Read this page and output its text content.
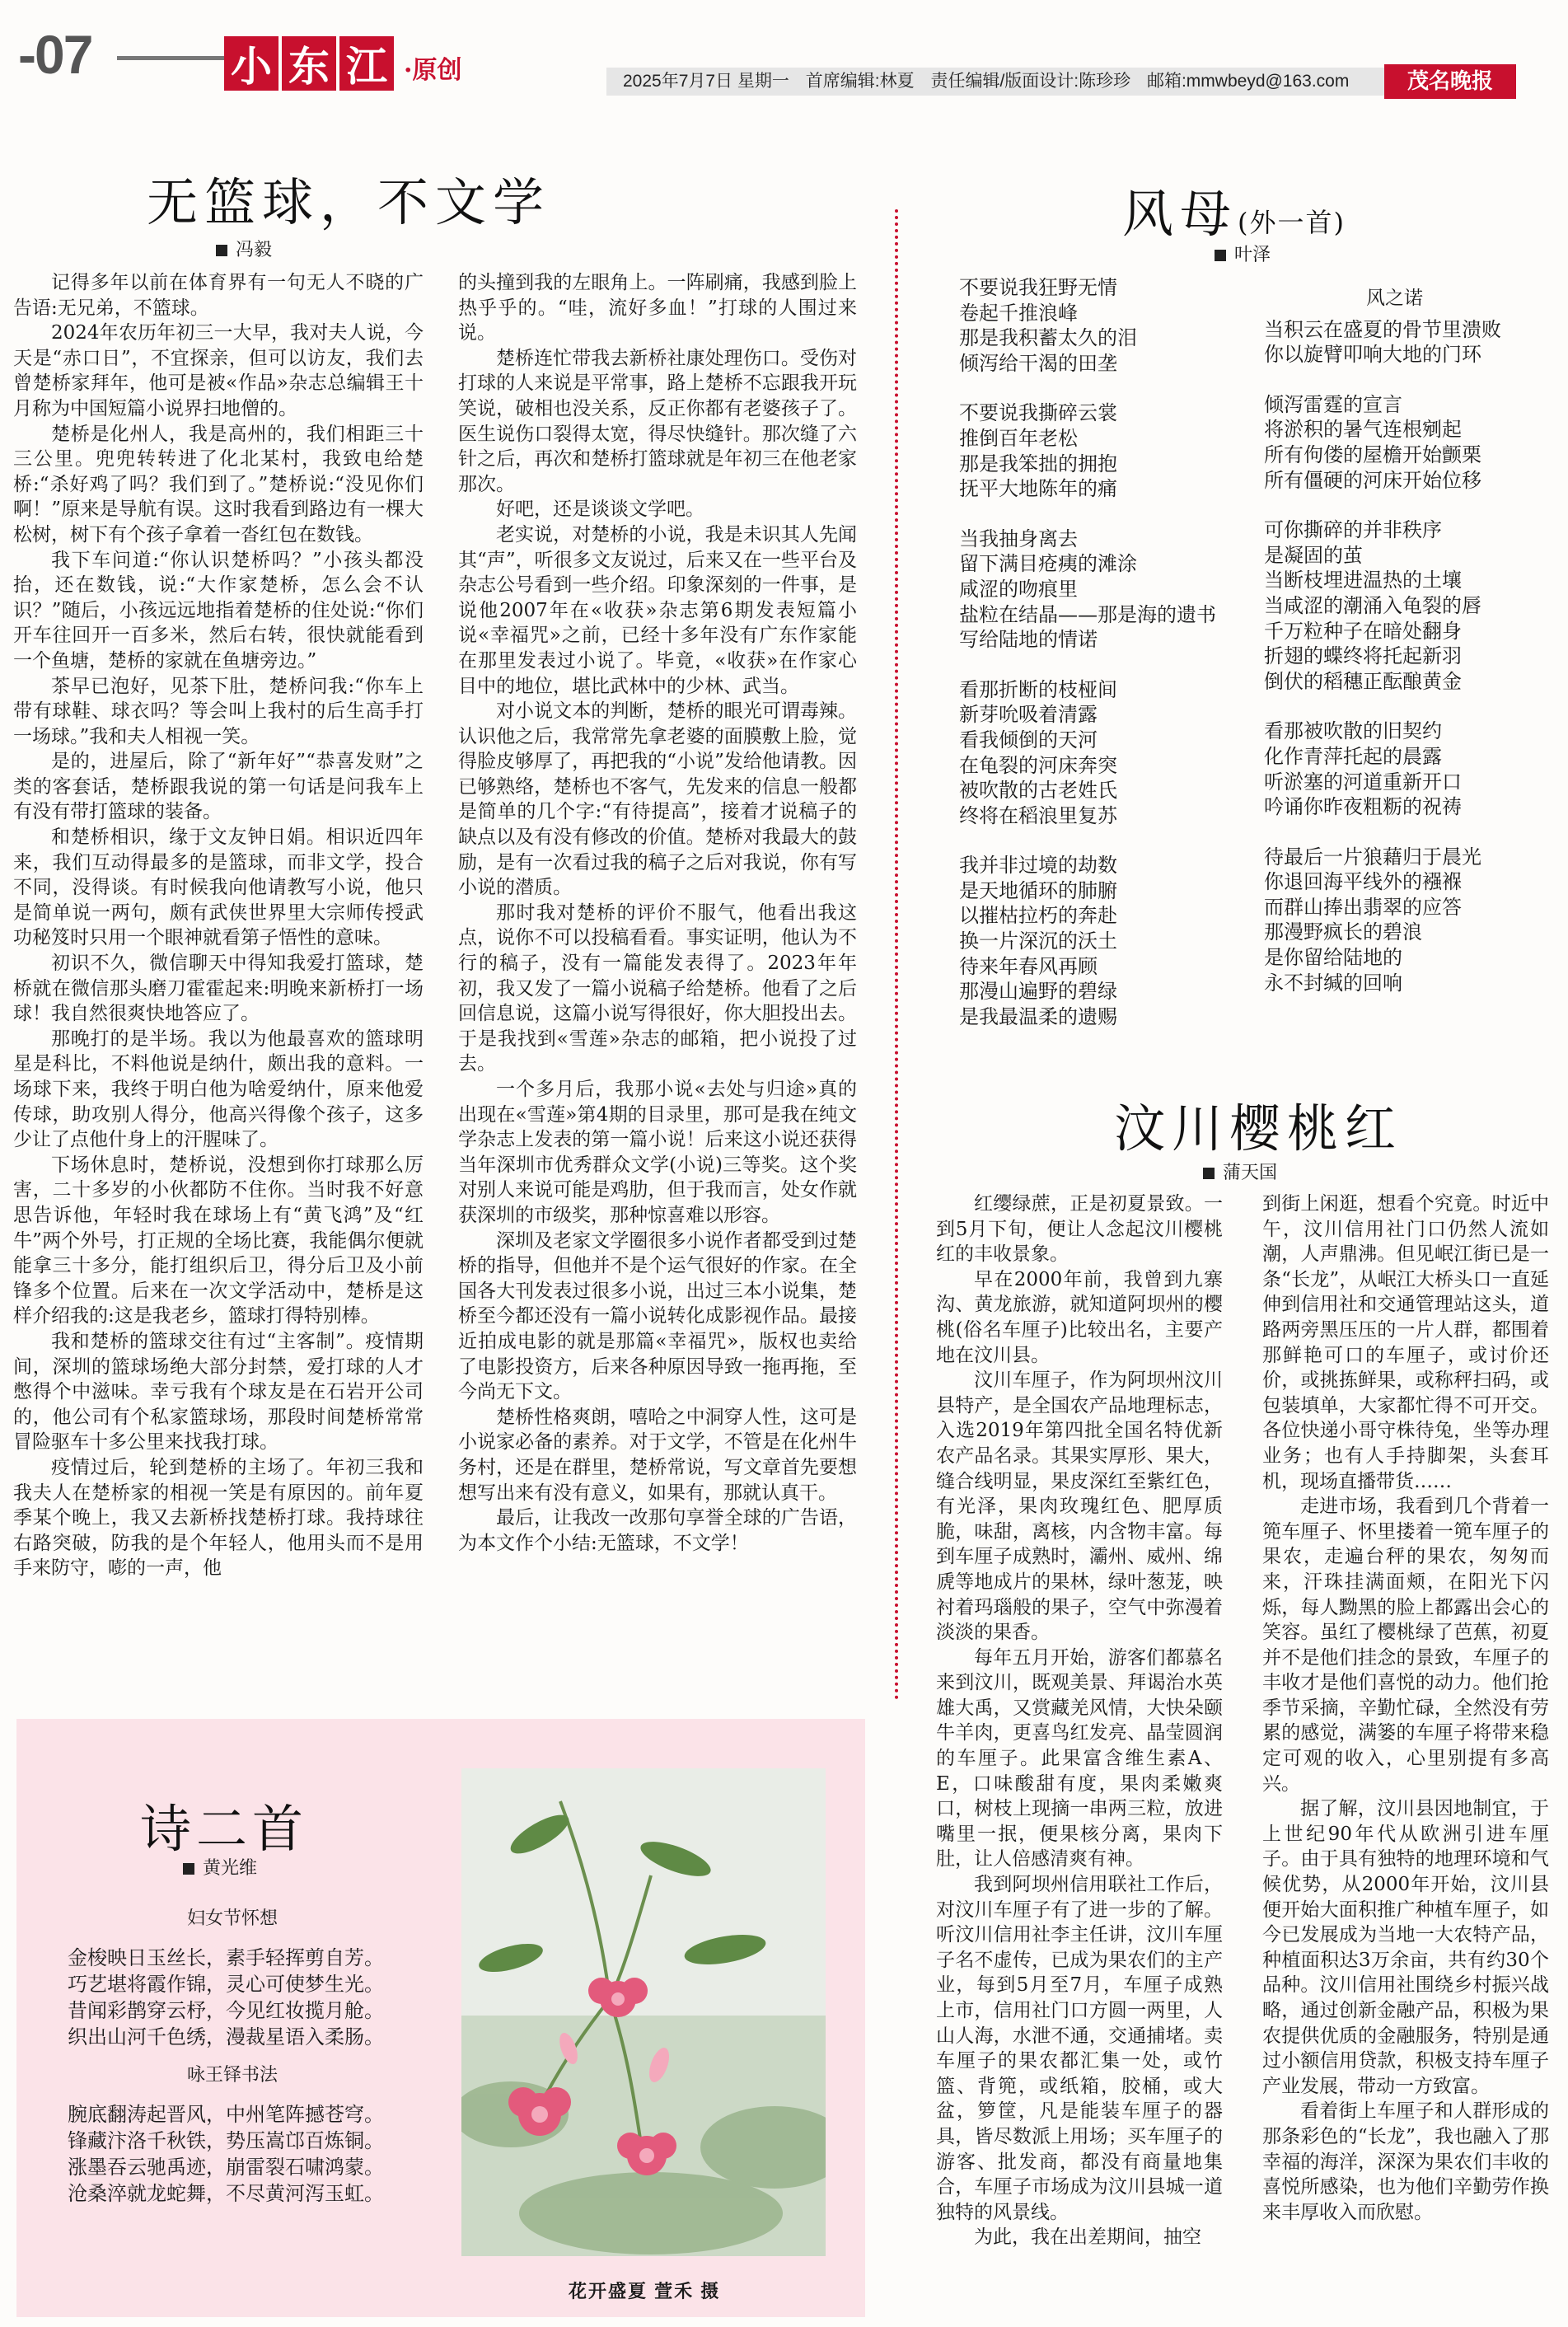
-07	小 东 江 ·原创	2025年7月7日 星期一 首席编辑:林夏 责任编辑/版面设计:陈珍珍 邮箱:mmwbeyd@163.com	茂名晚报
无篮球，不文学
冯毅

记得多年以前在体育界有一句无人不晓的广告语:无兄弟，不篮球。

2024年农历年初三一大早，我对夫人说，今天是“赤口日”，不宜探亲，但可以访友，我们去曾楚桥家拜年，他可是被«作品»杂志总编辑王十月称为中国短篇小说界扫地僧的。

楚桥是化州人，我是高州的，我们相距三十三公里。兜兜转转进了化北某村，我致电给楚桥:“杀好鸡了吗？我们到了。”楚桥说:“没见你们啊！”原来是导航有误。这时我看到路边有一棵大松树，树下有个孩子拿着一沓红包在数钱。

我下车问道:“你认识楚桥吗？”小孩头都没抬，还在数钱，说:“大作家楚桥，怎么会不认识？”随后，小孩远远地指着楚桥的住处说:“你们开车往回开一百多米，然后右转，很快就能看到一个鱼塘，楚桥的家就在鱼塘旁边。”

茶早已泡好，见茶下肚，楚桥问我:“你车上带有球鞋、球衣吗？等会叫上我村的后生高手打一场球。”我和夫人相视一笑。

是的，进屋后，除了“新年好”“恭喜发财”之类的客套话，楚桥跟我说的第一句话是问我车上有没有带打篮球的装备。

和楚桥相识，缘于文友钟日娟。相识近四年来，我们互动得最多的是篮球，而非文学，投合不同，没得谈。有时候我向他请教写小说，他只是简单说一两句，颇有武侠世界里大宗师传授武功秘笈时只用一个眼神就看第子悟性的意味。

初识不久，微信聊天中得知我爱打篮球，楚桥就在微信那头磨刀霍霍起来:明晚来新桥打一场球！我自然很爽快地答应了。

那晚打的是半场。我以为他最喜欢的篮球明星是科比，不料他说是纳什，颇出我的意料。一场球下来，我终于明白他为啥爱纳什，原来他爱传球，助攻别人得分，他高兴得像个孩子，这多少让了点他什身上的汗腥味了。

下场休息时，楚桥说，没想到你打球那么厉害，二十多岁的小伙都防不住你。当时我不好意思告诉他，年轻时我在球场上有“黄飞鸿”及“红牛”两个外号，打正规的全场比赛，我能偶尔便就能拿三十多分，能打组织后卫，得分后卫及小前锋多个位置。后来在一次文学活动中，楚桥是这样介绍我的:这是我老乡，篮球打得特别棒。

我和楚桥的篮球交往有过“主客制”。疫情期间，深圳的篮球场绝大部分封禁，爱打球的人才憋得个中滋味。幸亏我有个球友是在石岩开公司的，他公司有个私家篮球场，那段时间楚桥常常冒险驱车十多公里来找我打球。

疫情过后，轮到楚桥的主场了。年初三我和我夫人在楚桥家的相视一笑是有原因的。前年夏季某个晚上，我又去新桥找楚桥打球。我持球往右路突破，防我的是个年轻人，他用头而不是用手来防守，嘭的一声，他

的头撞到我的左眼角上。一阵刷痛，我感到脸上热乎乎的。“哇，流好多血！”打球的人围过来说。

楚桥连忙带我去新桥社康处理伤口。受伤对打球的人来说是平常事，路上楚桥不忘跟我开玩笑说，破相也没关系，反正你都有老婆孩子了。医生说伤口裂得太宽，得尽快缝针。那次缝了六针之后，再次和楚桥打篮球就是年初三在他老家那次。

好吧，还是谈谈文学吧。

老实说，对楚桥的小说，我是未识其人先闻其“声”，听很多文友说过，后来又在一些平台及杂志公号看到一些介绍。印象深刻的一件事，是说他2007年在«收获»杂志第6期发表短篇小说«幸福咒»之前，已经十多年没有广东作家能在那里发表过小说了。毕竟，«收获»在作家心目中的地位，堪比武林中的少林、武当。

对小说文本的判断，楚桥的眼光可谓毒辣。认识他之后，我常常先拿老婆的面膜敷上脸，觉得脸皮够厚了，再把我的“小说”发给他请教。因已够熟络，楚桥也不客气，先发来的信息一般都是简单的几个字:“有待提高”，接着才说稿子的缺点以及有没有修改的价值。楚桥对我最大的鼓励，是有一次看过我的稿子之后对我说，你有写小说的潜质。

那时我对楚桥的评价不服气，他看出我这点，说你不可以投稿看看。事实证明，他认为不行的稿子，没有一篇能发表得了。2023年年初，我又发了一篇小说稿子给楚桥。他看了之后回信息说，这篇小说写得很好，你大胆投出去。于是我找到«雪莲»杂志的邮箱，把小说投了过去。

一个多月后，我那小说«去处与归途»真的出现在«雪莲»第4期的目录里，那可是我在纯文学杂志上发表的第一篇小说！后来这小说还获得当年深圳市优秀群众文学(小说)三等奖。这个奖对别人来说可能是鸡肋，但于我而言，处女作就获深圳的市级奖，那种惊喜难以形容。

深圳及老家文学圈很多小说作者都受到过楚桥的指导，但他并不是个运气很好的作家。在全国各大刊发表过很多小说，出过三本小说集，楚桥至今都还没有一篇小说转化成影视作品。最接近拍成电影的就是那篇«幸福咒»，版权也卖给了电影投资方，后来各种原因导致一拖再拖，至今尚无下文。

楚桥性格爽朗，嘻哈之中洞穿人性，这可是小说家必备的素养。对于文学，不管是在化州牛务村，还是在群里，楚桥常说，写文章首先要想想写出来有没有意义，如果有，那就认真干。

最后，让我改一改那句享誉全球的广告语，为本文作个小结:无篮球，不文学！

风母(外一首)
叶泽
不要说我狂野无情
卷起千推浪峰
那是我积蓄太久的泪
倾泻给干渴的田垄
不要说我撕碎云裳
推倒百年老松
那是我笨拙的拥抱
抚平大地陈年的痛
当我抽身离去
留下满目疮痍的滩涂
咸涩的吻痕里
盐粒在结晶——那是海的遗书
写给陆地的情诺
看那折断的枝桠间
新芽吮吸着清露
看我倾倒的天河
在龟裂的河床奔突
被吹散的古老姓氏
终将在稻浪里复苏
我并非过境的劫数
是天地循环的肺腑
以摧枯拉朽的奔赴
换一片深沉的沃土
待来年春风再顾
那漫山遍野的碧绿
是我最温柔的遗赐
风之诺
当积云在盛夏的骨节里溃败
你以旋臂叩响大地的门环
倾泻雷霆的宣言
将淤积的暑气连根剜起
所有佝偻的屋檐开始颤栗
所有僵硬的河床开始位移
可你撕碎的并非秩序
是凝固的茧
当断枝埋进温热的土壤
当咸涩的潮涌入龟裂的唇
千万粒种子在暗处翻身
折翅的蝶终将托起新羽
倒伏的稻穗正酝酿黄金
看那被吹散的旧契约
化作青萍托起的晨露
听淤塞的河道重新开口
吟诵你昨夜粗粝的祝祷
待最后一片狼藉归于晨光
你退回海平线外的襁褓
而群山捧出翡翠的应答
那漫野疯长的碧浪
是你留给陆地的
永不封缄的回响
汶川樱桃红
蒲天国

红缨绿蔗，正是初夏景致。一到5月下旬，便让人念起汶川樱桃红的丰收景象。

早在2000年前，我曾到九寨沟、黄龙旅游，就知道阿坝州的樱桃(俗名车厘子)比较出名，主要产地在汶川县。

汶川车厘子，作为阿坝州汶川县特产，是全国农产品地理标志，入选2019年第四批全国名特优新农产品名录。其果实厚形、果大，缝合线明显，果皮深红至紫红色，有光泽，果肉玫瑰红色、肥厚质脆，味甜，离核，内含物丰富。每到车厘子成熟时，灞州、威州、绵虒等地成片的果林，绿叶葱茏，映衬着玛瑙般的果子，空气中弥漫着淡淡的果香。

每年五月开始，游客们都慕名来到汶川，既观美景、拜谒治水英雄大禹，又赏藏羌风情，大快朵颐牛羊肉，更喜鸟红发亮、晶莹圆润的车厘子。此果富含维生素A、E，口味酸甜有度，果肉柔嫩爽口，树枝上现摘一串两三粒，放进嘴里一抿，便果核分离，果肉下肚，让人倍感清爽有神。

我到阿坝州信用联社工作后，对汶川车厘子有了进一步的了解。听汶川信用社李主任讲，汶川车厘子名不虚传，已成为果农们的主产业，每到5月至7月，车厘子成熟上市，信用社门口方圆一两里，人山人海，水泄不通，交通捕堵。卖车厘子的果农都汇集一处，或竹篮、背篼，或纸箱，胶桶，或大盆，箩筐，凡是能装车厘子的器具，皆尽数派上用场；买车厘子的游客、批发商，都没有商量地集合，车厘子市场成为汶川县城一道独特的风景线。

为此，我在出差期间，抽空

到街上闲逛，想看个究竟。时近中午，汶川信用社门口仍然人流如潮，人声鼎沸。但见岷江街已是一条“长龙”，从岷江大桥头口一直延伸到信用社和交通管理站这头，道路两旁黑压压的一片人群，都围着那鲜艳可口的车厘子，或讨价还价，或挑拣鲜果，或称秤扫码，或包装填单，大家都忙得不可开交。各位快递小哥守株待兔，坐等办理业务；也有人手持脚架，头套耳机，现场直播带货……

走进市场，我看到几个背着一篼车厘子、怀里搂着一篼车厘子的果农，走遍台秤的果农，匆匆而来，汗珠挂满面颊，在阳光下闪烁，每人黝黑的脸上都露出会心的笑容。虽红了樱桃绿了芭蕉，初夏并不是他们挂念的景致，车厘子的丰收才是他们喜悦的动力。他们抢季节采摘，辛勤忙碌，全然没有劳累的感觉，满篓的车厘子将带来稳定可观的收入，心里别提有多高兴。

据了解，汶川县因地制宜，于上世纪90年代从欧洲引进车厘子。由于具有独特的地理环境和气候优势，从2000年开始，汶川县便开始大面积推广种植车厘子，如今已发展成为当地一大农特产品，种植面积达3万余亩，共有约30个品种。汶川信用社围绕乡村振兴战略，通过创新金融产品，积极为果农提供优质的金融服务，特别是通过小额信用贷款，积极支持车厘子产业发展，带动一方致富。

看着街上车厘子和人群形成的那条彩色的“长龙”，我也融入了那幸福的海洋，深深为果农们丰收的喜悦所感染，也为他们辛勤劳作换来丰厚收入而欣慰。

诗二首
黄光维
妇女节怀想
金梭映日玉丝长，素手轻挥剪自芳。
巧艺堪将霞作锦，灵心可使梦生光。
昔闻彩鹊穿云杼，今见红妆揽月舱。
织出山河千色绣，漫裁星语入柔肠。
咏王铎书法
腕底翻涛起晋风，中州笔阵撼苍穹。
锋藏汴洛千秋铁，势压嵩邙百炼铜。
涨墨吞云驰禹迹，崩雷裂石啸鸿蒙。
沧桑淬就龙蛇舞，不尽黄河泻玉虹。
花开盛夏 萱禾 摄
